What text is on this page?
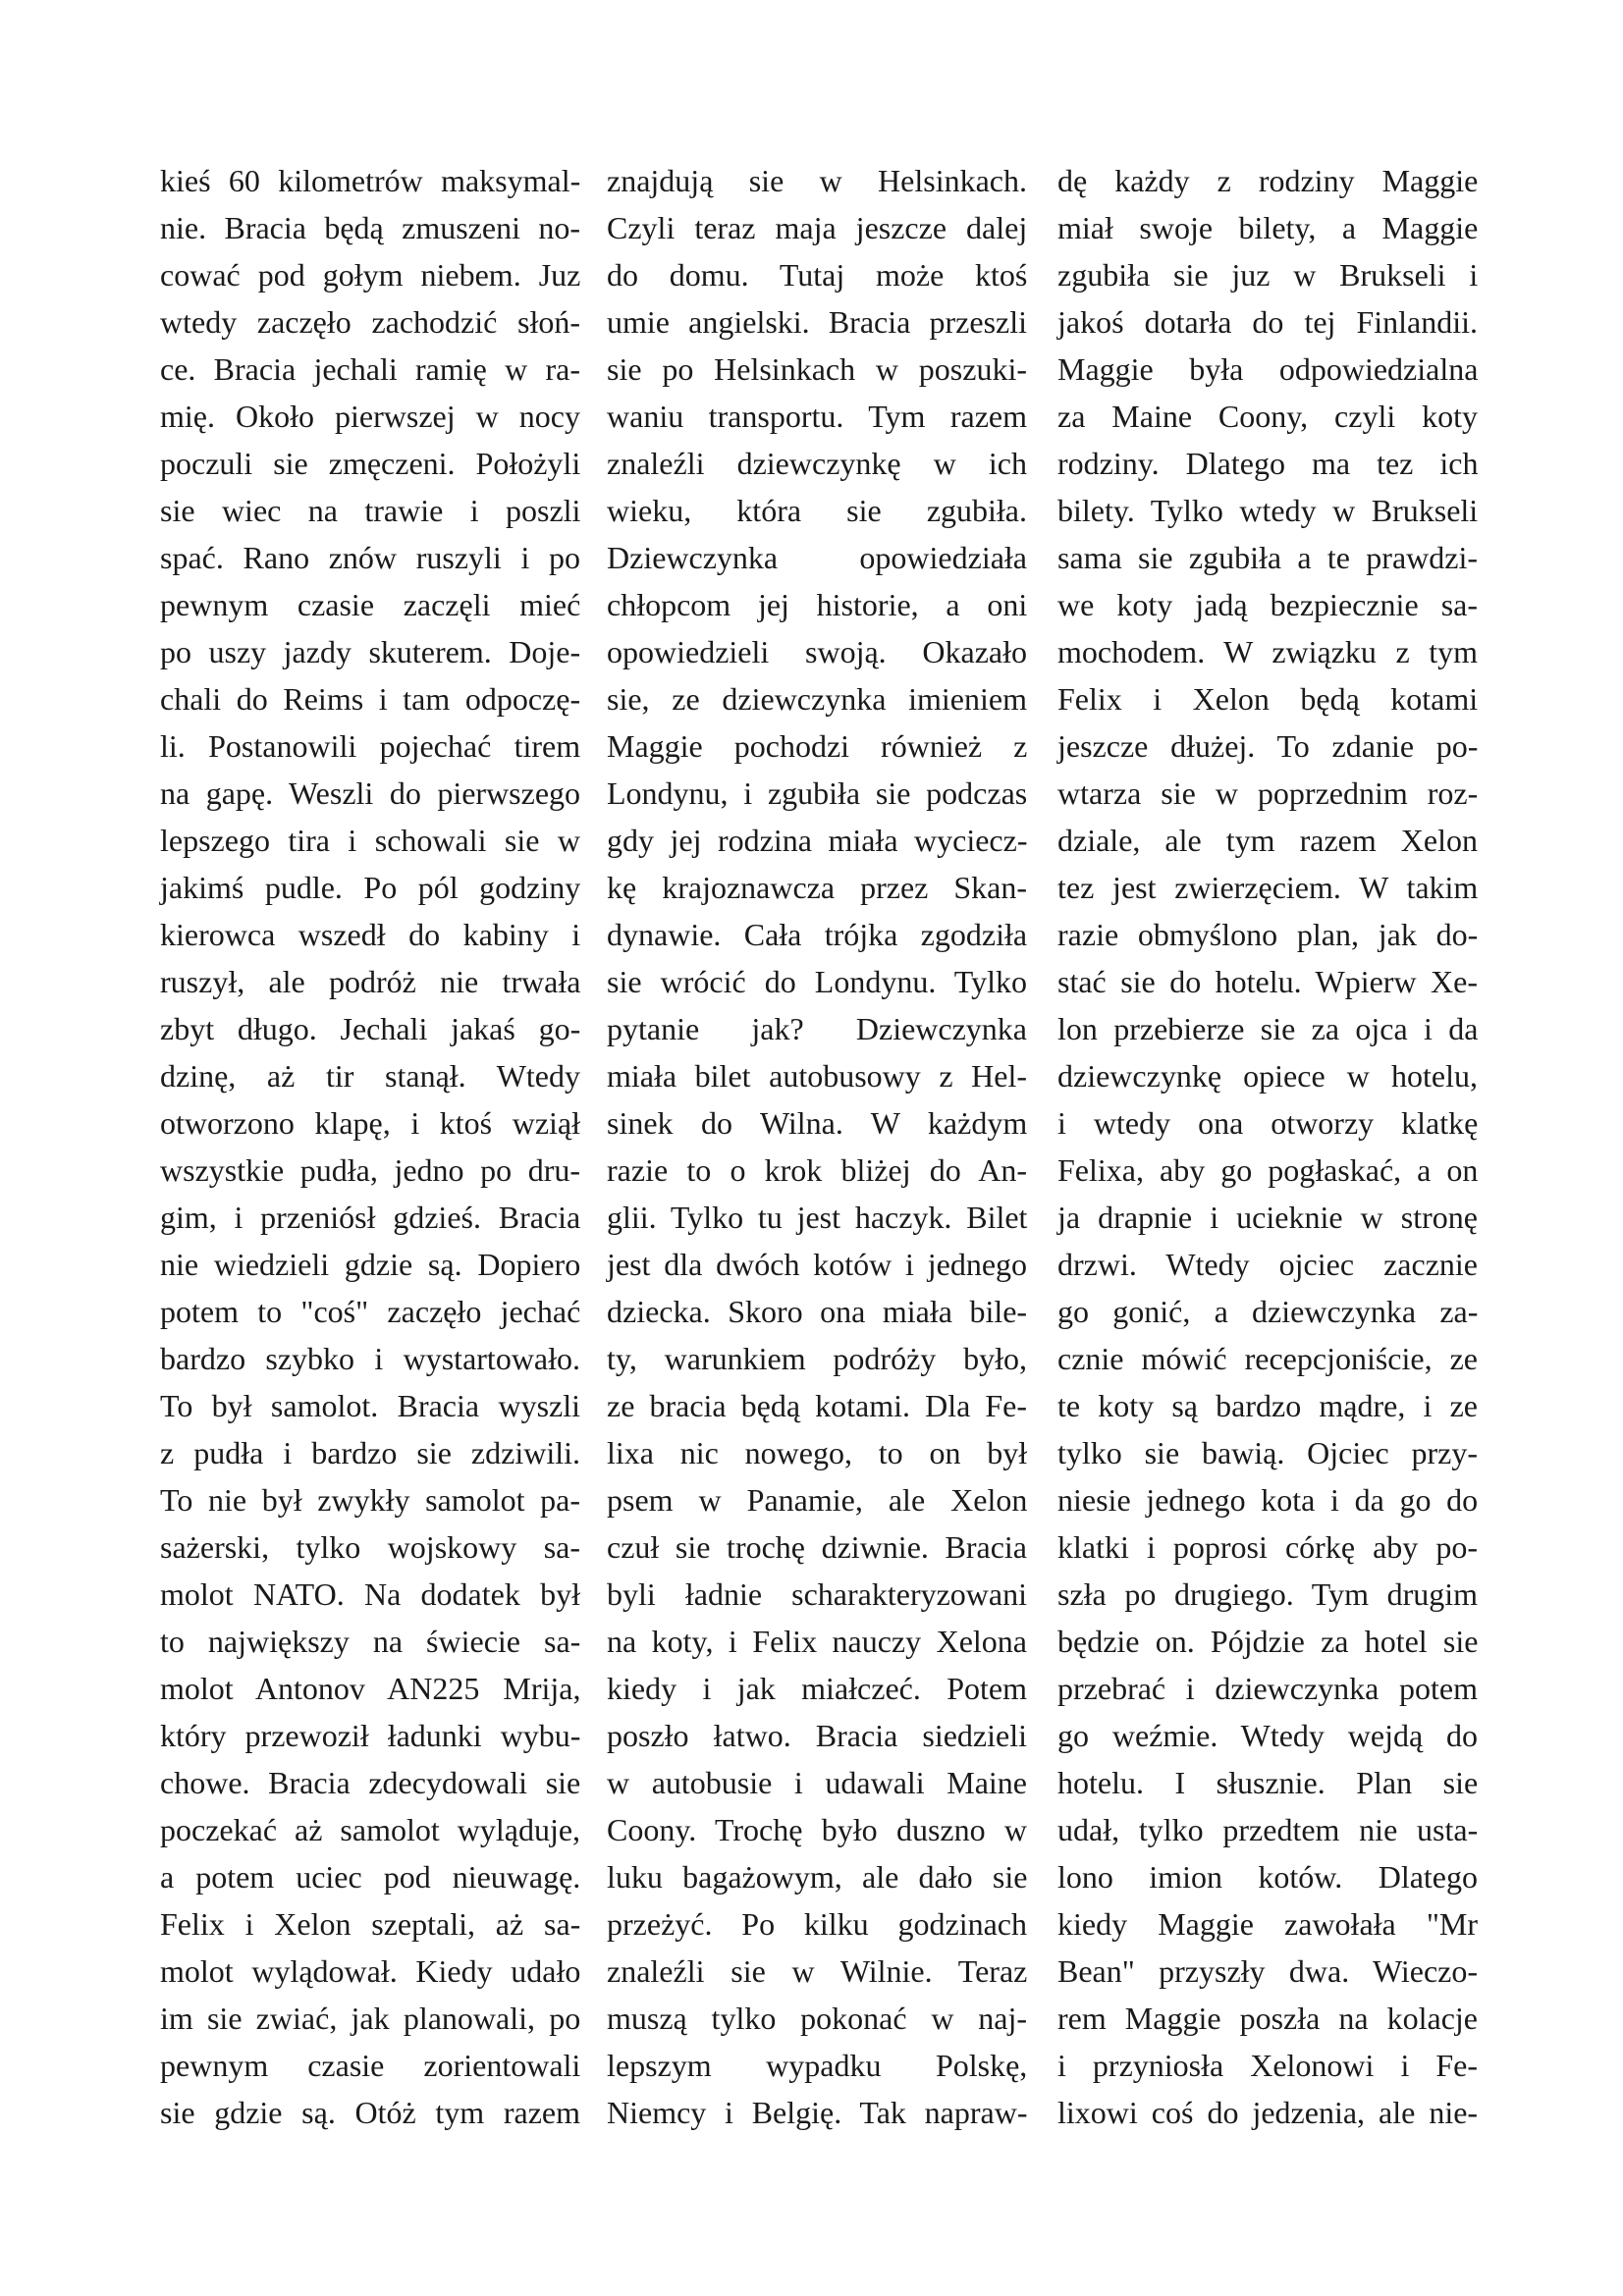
kieś 60 kilometrów maksymal-
nie. Bracia będą zmuszeni no-
cować pod gołym niebem. Juz
wtedy zaczęło zachodzić słoń-
ce. Bracia jechali ramię w ra-
mię. Około pierwszej w nocy
poczuli sie zmęczeni. Położyli
sie wiec na trawie i poszli
spać. Rano znów ruszyli i po
pewnym czasie zaczęli mieć
po uszy jazdy skuterem. Doje-
chali do Reims i tam odpoczę-
li. Postanowili pojechać tirem
na gapę. Weszli do pierwszego
lepszego tira i schowali sie w
jakimś pudle. Po pól godziny
kierowca wszedł do kabiny i
ruszył, ale podróż nie trwała
zbyt długo. Jechali jakaś go-
dzinę, aż tir stanął. Wtedy
otworzono klapę, i ktoś wziął
wszystkie pudła, jedno po dru-
gim, i przeniósł gdzieś. Bracia
nie wiedzieli gdzie są. Dopiero
potem to "coś" zaczęło jechać
bardzo szybko i wystartowało.
To był samolot. Bracia wyszli
z pudła i bardzo sie zdziwili.
To nie był zwykły samolot pa-
sażerski, tylko wojskowy sa-
molot NATO. Na dodatek był
to największy na świecie sa-
molot Antonov AN225 Mrija,
który przewoził ładunki wybu-
chowe. Bracia zdecydowali sie
poczekać aż samolot wyląduje,
a potem uciec pod nieuwagę.
Felix i Xelon szeptali, aż sa-
molot wylądował. Kiedy udało
im sie zwiać, jak planowali, po
pewnym czasie zorientowali
sie gdzie są. Otóż tym razem
znajdują sie w Helsinkach.
Czyli teraz maja jeszcze dalej
do domu. Tutaj może ktoś
umie angielski. Bracia przeszli
sie po Helsinkach w poszuki-
waniu transportu. Tym razem
znaleźli dziewczynkę w ich
wieku, która sie zgubiła.
Dziewczynka opowiedziała
chłopcom jej historie, a oni
opowiedzieli swoją. Okazało
sie, ze dziewczynka imieniem
Maggie pochodzi również z
Londynu, i zgubiła sie podczas
gdy jej rodzina miała wyciecz-
kę krajoznawcza przez Skan-
dynawie. Cała trójka zgodziła
sie wrócić do Londynu. Tylko
pytanie jak? Dziewczynka
miała bilet autobusowy z Hel-
sinek do Wilna. W każdym
razie to o krok bliżej do An-
glii. Tylko tu jest haczyk. Bilet
jest dla dwóch kotów i jednego
dziecka. Skoro ona miała bile-
ty, warunkiem podróży było,
ze bracia będą kotami. Dla Fe-
lixa nic nowego, to on był
psem w Panamie, ale Xelon
czuł sie trochę dziwnie. Bracia
byli ładnie scharakteryzowani
na koty, i Felix nauczy Xelona
kiedy i jak miałczeć. Potem
poszło łatwo. Bracia siedzieli
w autobusie i udawali Maine
Coony. Trochę było duszno w
luku bagażowym, ale dało sie
przeżyć. Po kilku godzinach
znaleźli sie w Wilnie. Teraz
muszą tylko pokonać w naj-
lepszym wypadku Polskę,
Niemcy i Belgię. Tak napraw-
dę każdy z rodziny Maggie
miał swoje bilety, a Maggie
zgubiła sie juz w Brukseli i
jakoś dotarła do tej Finlandii.
Maggie była odpowiedzialna
za Maine Coony, czyli koty
rodziny. Dlatego ma tez ich
bilety. Tylko wtedy w Brukseli
sama sie zgubiła a te prawdzi-
we koty jadą bezpiecznie sa-
mochodem. W związku z tym
Felix i Xelon będą kotami
jeszcze dłużej. To zdanie po-
wtarza sie w poprzednim roz-
dziale, ale tym razem Xelon
tez jest zwierzęciem. W takim
razie obmyślono plan, jak do-
stać sie do hotelu. Wpierw Xe-
lon przebierze sie za ojca i da
dziewczynkę opiece w hotelu,
i wtedy ona otworzy klatkę
Felixa, aby go pogłaskać, a on
ja drapnie i ucieknie w stronę
drzwi. Wtedy ojciec zacznie
go gonić, a dziewczynka za-
cznie mówić recepcjoniście, ze
te koty są bardzo mądre, i ze
tylko sie bawią. Ojciec przy-
niesie jednego kota i da go do
klatki i poprosi córkę aby po-
szła po drugiego. Tym drugim
będzie on. Pójdzie za hotel sie
przebrać i dziewczynka potem
go weźmie. Wtedy wejdą do
hotelu. I słusznie. Plan sie
udał, tylko przedtem nie usta-
lono imion kotów. Dlatego
kiedy Maggie zawołała "Mr
Bean" przyszły dwa. Wieczo-
rem Maggie poszła na kolacje
i przyniosła Xelonowi i Fe-
lixowi coś do jedzenia, ale nie-
